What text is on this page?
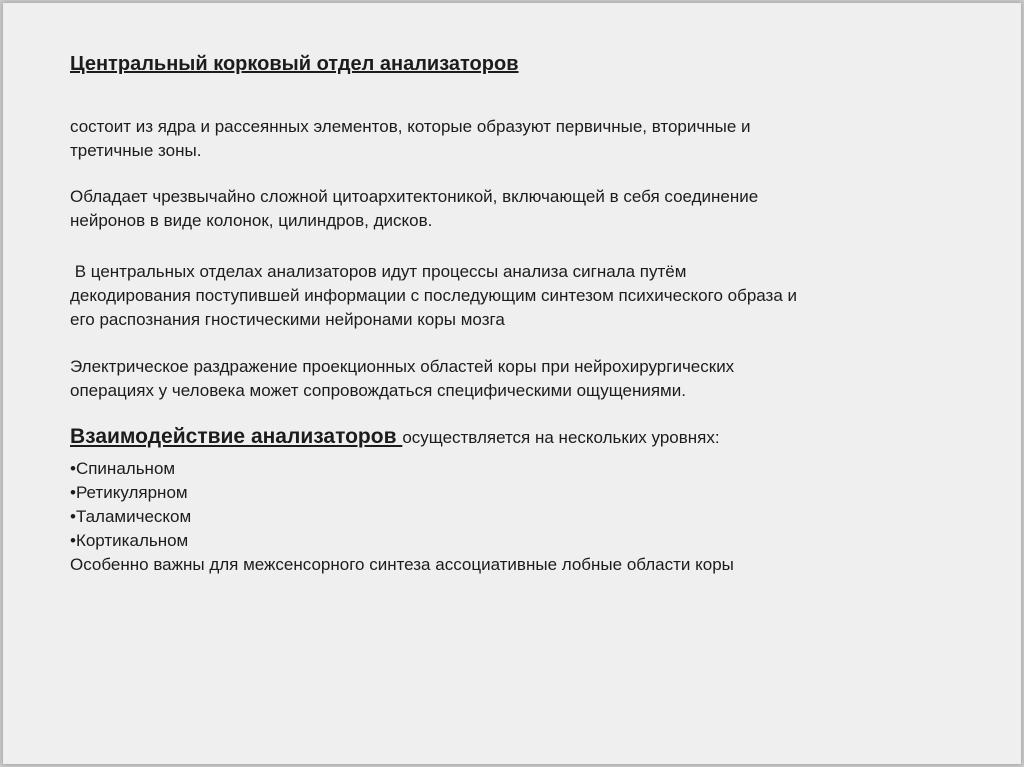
Центральный корковый отдел анализаторов
состоит из ядра и рассеянных элементов, которые образуют первичные, вторичные и
третичные зоны.
Обладает чрезвычайно сложной цитоархитектоникой, включающей в себя соединение
нейронов в виде колонок, цилиндров, дисков.
В центральных отделах анализаторов идут процессы анализа сигнала путём
декодирования поступившей информации с последующим синтезом психического образа и
его распознания гностическими нейронами коры мозга
Электрическое раздражение проекционных областей коры при нейрохирургических
операциях у человека может сопровождаться специфическими ощущениями.
Взаимодействие анализаторов осуществляется на нескольких уровнях:
•Спинальном
•Ретикулярном
•Таламическом
•Кортикальном
Особенно важны для межсенсорного синтеза ассоциативные лобные области коры
